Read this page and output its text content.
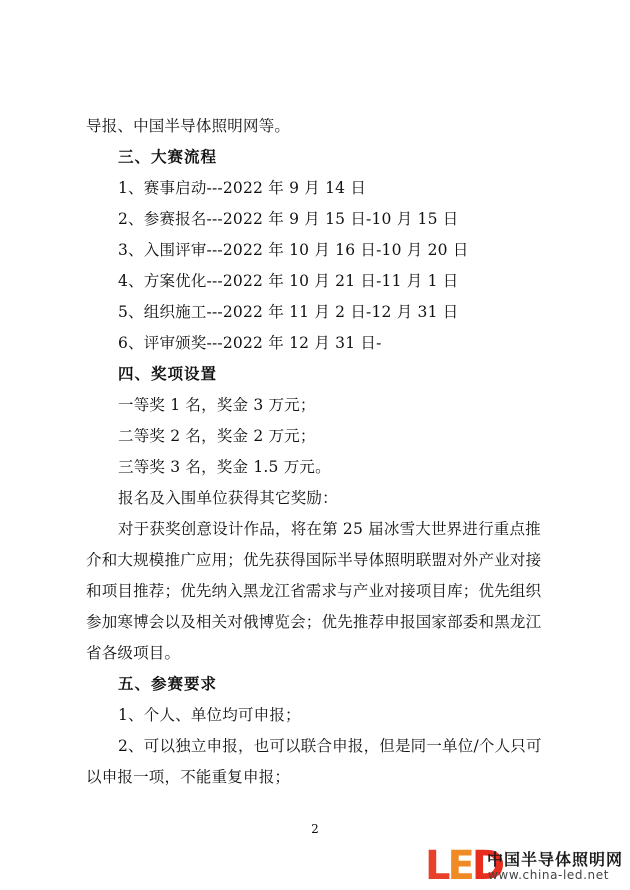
导报、中国半导体照明网等。
三、大赛流程
1、赛事启动---2022 年 9 月 14 日
2、参赛报名---2022 年 9 月 15 日-10 月 15 日
3、入围评审---2022 年 10 月 16 日-10 月 20 日
4、方案优化---2022 年 10 月 21 日-11 月 1 日
5、组织施工---2022 年 11 月 2 日-12 月 31 日
6、评审颁奖---2022 年 12 月 31 日-
四、奖项设置
一等奖 1 名，奖金 3 万元；
二等奖 2 名，奖金 2 万元；
三等奖 3 名，奖金 1.5 万元。
报名及入围单位获得其它奖励：
对于获奖创意设计作品，将在第 25 届冰雪大世界进行重点推
介和大规模推广应用；优先获得国际半导体照明联盟对外产业对接
和项目推荐；优先纳入黑龙江省需求与产业对接项目库；优先组织
参加寒博会以及相关对俄博览会；优先推荐申报国家部委和黑龙江
省各级项目。
五、参赛要求
1、个人、单位均可申报；
2、可以独立申报，也可以联合申报，但是同一单位/个人只可
以申报一项，不能重复申报；
2
L E D
中国半导体照明网
www.china-led.net
